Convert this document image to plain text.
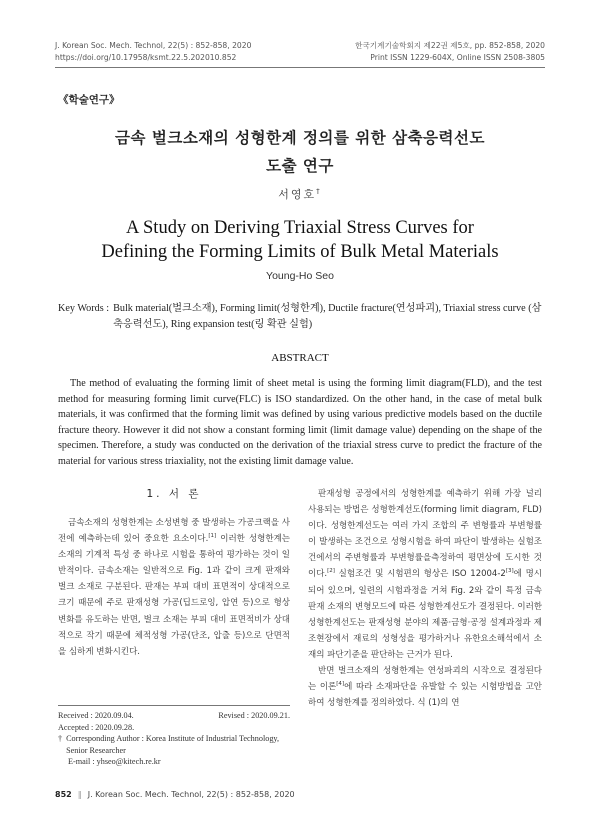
J. Korean Soc. Mech. Technol, 22(5) : 852-858, 2020
https://doi.org/10.17958/ksmt.22.5.202010.852
한국기계기술학회지 제22권 제5호, pp. 852-858, 2020
Print ISSN 1229-604X, Online ISSN 2508-3805
《학술연구》
금속 벌크소재의 성형한계 정의를 위한 삼축응력선도
도출 연구
서영호†
A Study on Deriving Triaxial Stress Curves for
Defining the Forming Limits of Bulk Metal Materials
Young-Ho Seo
Key Words : Bulk material(벌크소재), Forming limit(성형한계), Ductile fracture(연성파괴), Triaxial stress curve (삼축응력선도), Ring expansion test(링 확관 실험)
ABSTRACT

The method of evaluating the forming limit of sheet metal is using the forming limit diagram(FLD), and the test method for measuring forming limit curve(FLC) is ISO standardized. On the other hand, in the case of metal bulk materials, it was confirmed that the forming limit was defined by using various predictive models based on the ductile fracture theory. However it did not show a constant forming limit (limit damage value) depending on the shape of the specimen. Therefore, a study was conducted on the derivation of the triaxial stress curve to predict the fracture of the material for various stress triaxiality, not the existing limit damage value.

1. 서 론

금속소재의 성형한계는 소성변형 중 발생하는 가공크랙을 사전에 예측하는데 있어 중요한 요소이다.[1] 이러한 성형한계는 소재의 기계적 특성 중 하나로 시험을 통하여 평가하는 것이 일반적이다. 금속소재는 일반적으로 Fig. 1과 같이 크게 판재와 벌크 소재로 구분된다. 판재는 부피 대비 표면적이 상대적으로 크기 때문에 주로 판재성형 가공(딥드로잉, 압연 등)으로 형상변화를 유도하는 반면, 벌크 소재는 부피 대비 표면적비가 상대적으로 작기 때문에 체적성형 가공(단조, 압출 등)으로 단면적을 심하게 변화시킨다.

판재성형 공정에서의 성형한계를 예측하기 위해 가장 널리 사용되는 방법은 성형한계선도(forming limit diagram, FLD)이다. 성형한계선도는 여러 가지 조합의 주 변형률과 부변형률이 발생하는 조건으로 성형시험을 하여 파단이 발생하는 실험조건에서의 주변형률과 부변형률을측정하여 평면상에 도시한 것이다.[2] 실험조건 및 시험편의 형상은 ISO 12004-2[3]에 명시되어 있으며, 일련의 시험과정을 거쳐 Fig. 2와 같이 특정 금속판재 소재의 변형모드에 따른 성형한계선도가 결정된다. 이러한 성형한계선도는 판재성형 분야의 제품·금형·공정 설계과정과 제조현장에서 재료의 성형성을 평가하거나 유한요소해석에서 소재의 파단기준을 판단하는 근거가 된다.

반면 벌크소재의 성형한계는 연성파괴의 시작으로 결정된다는 이론[4]에 따라 소재파단을 유발할 수 있는 시험방법을 고안하여 성형한계를 정의하였다. 식 (1)의 연

Received : 2020.09.04.	Revised : 2020.09.21.
Accepted : 2020.09.28.
† Corresponding Author : Korea Institute of Industrial Technology, Senior Researcher
E-mail : yhseo@kitech.re.kr
852 ‖ J. Korean Soc. Mech. Technol, 22(5) : 852-858, 2020
